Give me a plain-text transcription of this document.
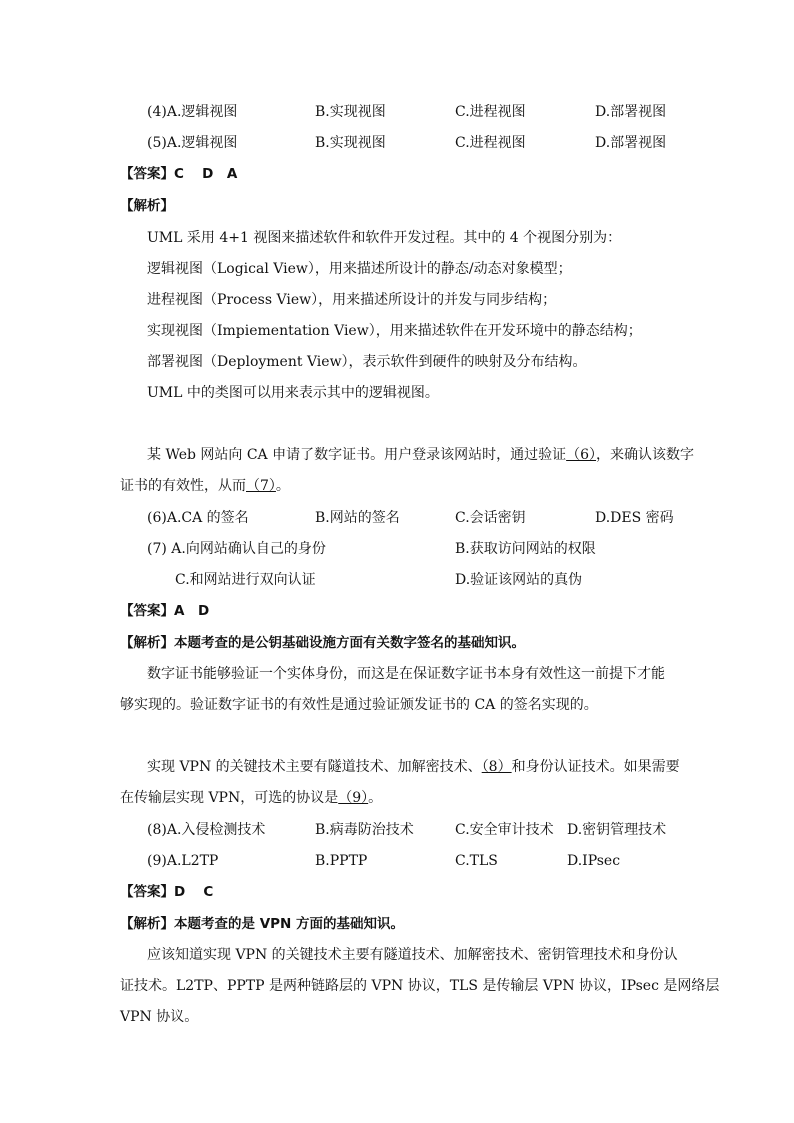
(4)A.逻辑视图	B.实现视图	C.进程视图	D.部署视图
(5)A.逻辑视图	B.实现视图	C.进程视图	D.部署视图
【答案】C　 D　A
【解析】
UML 采用 4+1 视图来描述软件和软件开发过程。其中的 4 个视图分别为：
逻辑视图（Logical View），用来描述所设计的静态/动态对象模型；
进程视图（Process View），用来描述所设计的并发与同步结构；
实现视图（Impiementation View），用来描述软件在开发环境中的静态结构；
部署视图（Deployment View），表示软件到硬件的映射及分布结构。
UML 中的类图可以用来表示其中的逻辑视图。
某 Web 网站向 CA 申请了数字证书。用户登录该网站时，通过验证（6），来确认该数字
证书的有效性，从而（7）。
(6)A.CA 的签名	B.网站的签名	C.会话密钥	D.DES 密码
(7) A.向网站确认自己的身份	B.获取访问网站的权限
C.和网站进行双向认证	D.验证该网站的真伪
【答案】A　D
【解析】本题考查的是公钥基础设施方面有关数字签名的基础知识。
数字证书能够验证一个实体身份，而这是在保证数字证书本身有效性这一前提下才能
够实现的。验证数字证书的有效性是通过验证颁发证书的 CA 的签名实现的。
实现 VPN 的关键技术主要有隧道技术、加解密技术、（8）和身份认证技术。如果需要
在传输层实现 VPN，可选的协议是（9）。
(8)A.入侵检测技术	B.病毒防治技术	C.安全审计技术 D.密钥管理技术
(9)A.L2TP	B.PPTP	C.TLS	D.IPsec
【答案】D　 C
【解析】本题考查的是 VPN 方面的基础知识。
应该知道实现 VPN 的关键技术主要有隧道技术、加解密技术、密钥管理技术和身份认
证技术。L2TP、PPTP 是两种链路层的 VPN 协议，TLS 是传输层 VPN 协议，IPsec 是网络层
VPN 协议。
